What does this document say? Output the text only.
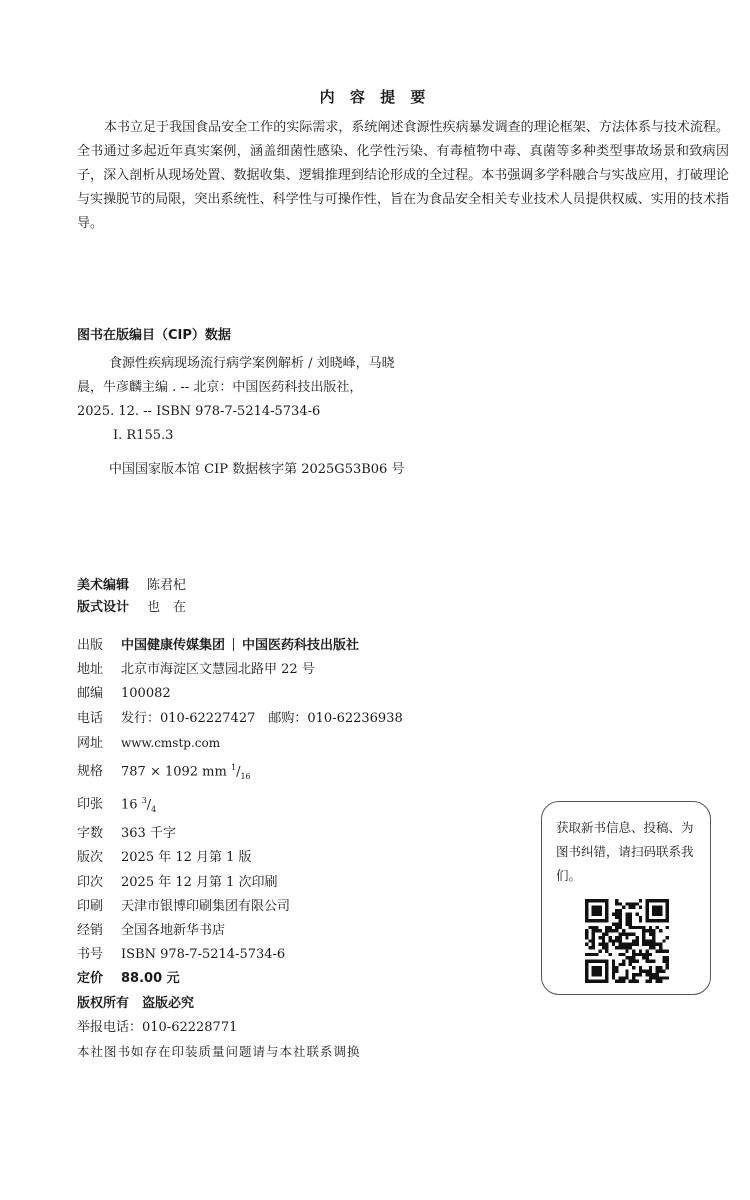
内 容 提 要

本书立足于我国食品安全工作的实际需求，系统阐述食源性疾病暴发调查的理论框架、方法体系与技术流程。全书通过多起近年真实案例，涵盖细菌性感染、化学性污染、有毒植物中毒、真菌等多种类型事故场景和致病因子，深入剖析从现场处置、数据收集、逻辑推理到结论形成的全过程。本书强调多学科融合与实战应用，打破理论与实操脱节的局限，突出系统性、科学性与可操作性，旨在为食品安全相关专业技术人员提供权威、实用的技术指导。

图书在版编目（CIP）数据
食源性疾病现场流行病学案例解析 / 刘晓峰，马晓
晨，牛彦麟主编 . -- 北京：中国医药科技出版社，
2025. 12. -- ISBN 978-7-5214-5734-6
Ⅰ. R155.3
中国国家版本馆 CIP 数据核字第 2025G53B06 号
美术编辑 陈君杞
版式设计 也　在
出版 中国健康传媒集团 中国医药科技出版社
地址 北京市海淀区文慧园北路甲 22 号
邮编 100082
电话 发行：010-62227427　邮购：010-62236938
网址 www.cmstp.com
规格 787 × 1092 mm $^1/_{16}$
印张 16 $^3/_4$
字数 363 千字
版次 2025 年 12 月第 1 版
印次 2025 年 12 月第 1 次印刷
印刷 天津市银博印刷集团有限公司
经销 全国各地新华书店
书号 ISBN 978-7-5214-5734-6
定价 88.00 元
版权所有　盗版必究
举报电话：010-62228771
本社图书如存在印装质量问题请与本社联系调换
获取新书信息、投稿、为图书纠错，请扫码联系我们。
